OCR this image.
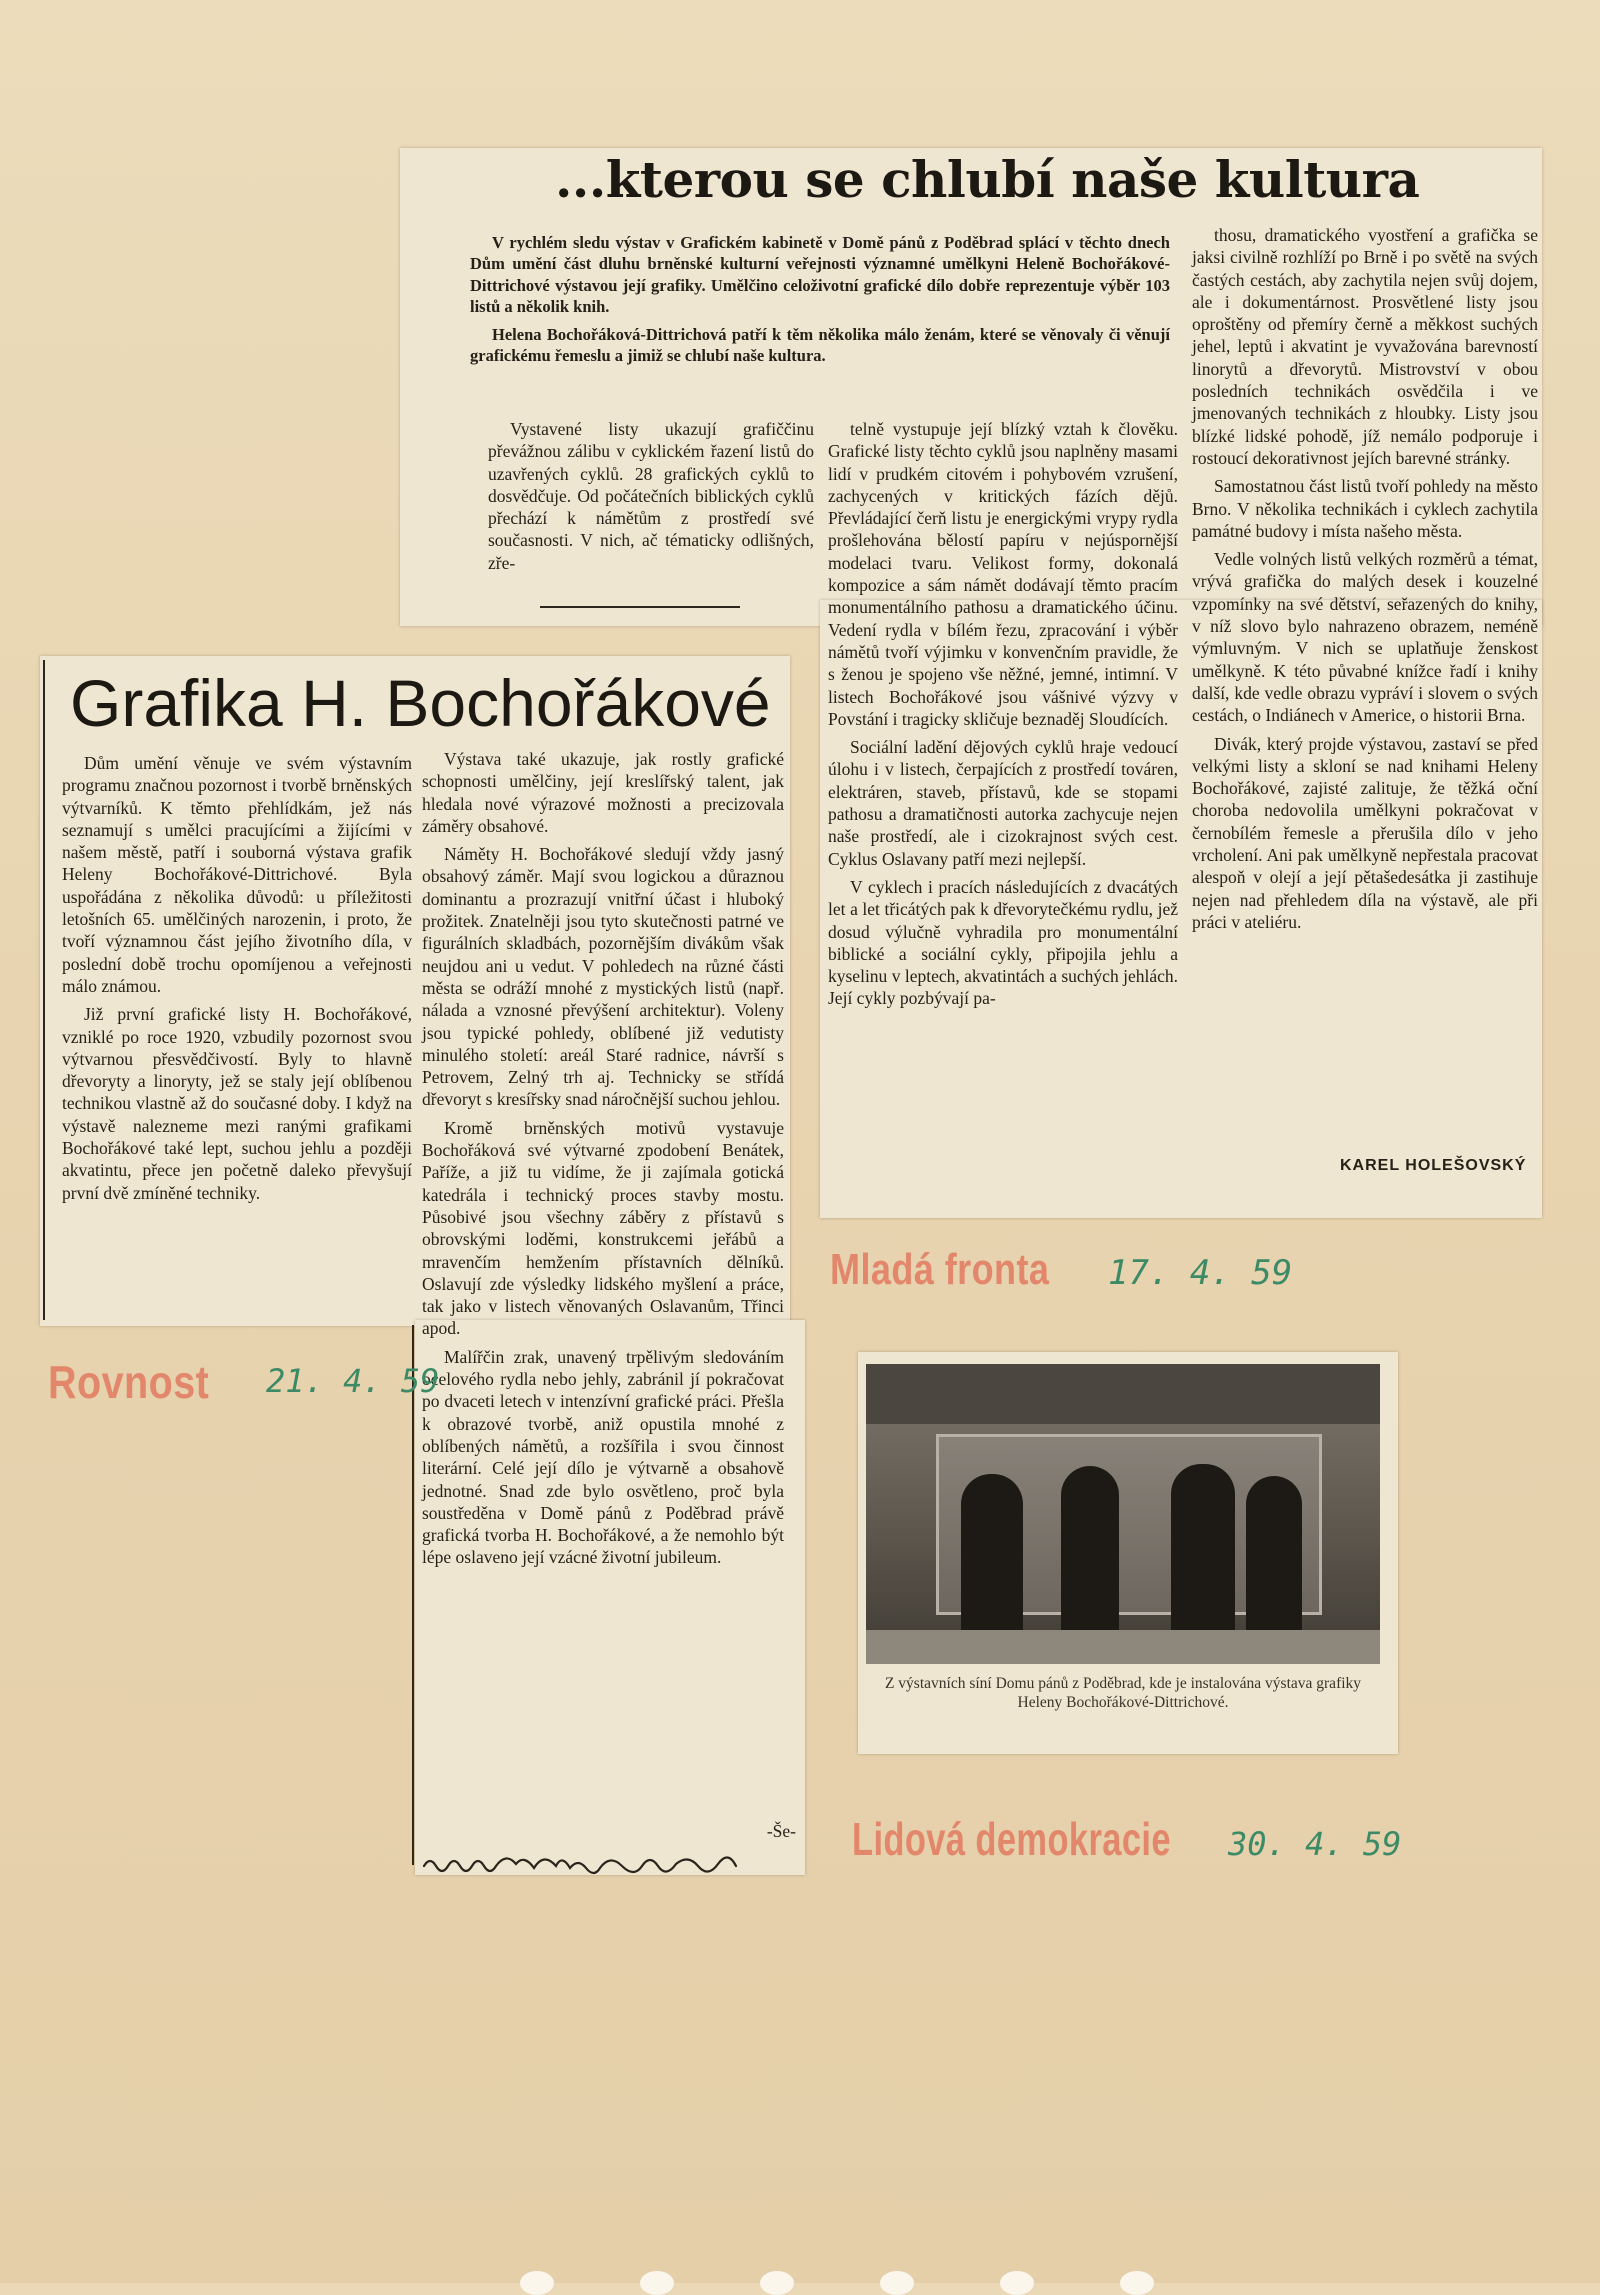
...kterou se chlubí naše kultura

V rychlém sledu výstav v Grafickém kabinetě v Domě pánů z Poděbrad splácí v těchto dnech Dům umění část dluhu brněnské kulturní veřejnosti významné umělkyni Heleně Bochořákové-Dittrichové výstavou její grafiky. Umělčino celoživotní grafické dílo dobře reprezentuje výběr 103 listů a několik knih.

Helena Bochořáková-Dittrichová patří k těm několika málo ženám, které se věnovaly či věnují grafickému řemeslu a jimiž se chlubí naše kultura.

Vystavené listy ukazují grafiččinu převážnou zálibu v cyklickém řazení listů do uzavřených cyklů. 28 grafických cyklů to dosvědčuje. Od počátečních biblických cyklů přechází k námětům z prostředí své současnosti. V nich, ač tématicky odlišných, zře-

telně vystupuje její blízký vztah k člověku. Grafické listy těchto cyklů jsou naplněny masami lidí v prudkém citovém i pohybovém vzrušení, zachycených v kritických fázích dějů. Převládající čerň listu je energickými vrypy rydla prošlehována bělostí papíru v nejúspornější modelaci tvaru. Velikost formy, dokonalá kompozice a sám námět dodávají těmto pracím monumentálního pathosu a dramatického účinu. Vedení rydla v bílém řezu, zpracování i výběr námětů tvoří výjimku v konvenčním pravidle, že s ženou je spojeno vše něžné, jemné, intimní. V listech Bochořákové jsou vášnivé výzvy v Povstání i tragicky skličuje beznaděj Sloudících.

Sociální ladění dějových cyklů hraje vedoucí úlohu i v listech, čerpajících z prostředí továren, elektráren, staveb, přístavů, kde se stopami pathosu a dramatičnosti autorka zachycuje nejen naše prostředí, ale i cizokrajnost svých cest. Cyklus Oslavany patří mezi nejlepší.

V cyklech i pracích následujících z dvacátých let a let třicátých pak k dřevorytečkému rydlu, jež dosud výlučně vyhradila pro monumentální biblické a sociální cykly, připojila jehlu a kyselinu v leptech, akvatintách a suchých jehlách. Její cykly pozbývají pa-

thosu, dramatického vyostření a grafička se jaksi civilně rozhlíží po Brně i po světě na svých častých cestách, aby zachytila nejen svůj dojem, ale i dokumentárnost. Prosvětlené listy jsou oproštěny od přemíry černě a měkkost suchých jehel, leptů i akvatint je vyvažována barevností linorytů a dřevorytů. Mistrovství v obou posledních technikách osvědčila i ve jmenovaných technikách z hloubky. Listy jsou blízké lidské pohodě, jíž nemálo podporuje i rostoucí dekorativnost jejích barevné stránky.

Samostatnou část listů tvoří pohledy na město Brno. V několika technikách i cyklech zachytila památné budovy i místa našeho města.

Vedle volných listů velkých rozměrů a témat, vrývá grafička do malých desek i kouzelné vzpomínky na své dětství, seřazených do knihy, v níž slovo bylo nahrazeno obrazem, neméně výmluvným. V nich se uplatňuje ženskost umělkyně. K této půvabné knížce řadí i knihy další, kde vedle obrazu vypráví i slovem o svých cestách, o Indiánech v Americe, o historii Brna.

Divák, který projde výstavou, zastaví se před velkými listy a skloní se nad knihami Heleny Bochořákové, zajisté zalituje, že těžká oční choroba nedovolila umělkyni pokračovat v černobílém řemesle a přerušila dílo v jeho vrcholení. Ani pak umělkyně nepřestala pracovat alespoň v olejí a její pětašedesátka ji zastihuje nejen nad přehledem díla na výstavě, ale při práci v ateliéru.

KAREL HOLEŠOVSKÝ
Mladá fronta 17. 4. 59
Grafika H. Bochořákové

Dům umění věnuje ve svém výstavním programu značnou pozornost i tvorbě brněnských výtvarníků. K těmto přehlídkám, jež nás seznamují s umělci pracujícími a žijícími v našem městě, patří i souborná výstava grafik Heleny Bochořákové-Dittrichové. Byla uspořádána z několika důvodů: u příležitosti letošních 65. umělčiných narozenin, i proto, že tvoří významnou část jejího životního díla, v poslední době trochu opomíjenou a veřejnosti málo známou.

Již první grafické listy H. Bochořákové, vzniklé po roce 1920, vzbudily pozornost svou výtvarnou přesvědčivostí. Byly to hlavně dřevoryty a linoryty, jež se staly její oblíbenou technikou vlastně až do současné doby. I když na výstavě nalezneme mezi ranými grafikami Bochořákové také lept, suchou jehlu a později akvatintu, přece jen početně daleko převyšují první dvě zmíněné techniky.

Výstava také ukazuje, jak rostly grafické schopnosti umělčiny, její kreslířský talent, jak hledala nové výrazové možnosti a precizovala záměry obsahové.

Náměty H. Bochořákové sledují vždy jasný obsahový záměr. Mají svou logickou a důraznou dominantu a prozrazují vnitřní účast i hluboký prožitek. Znatelněji jsou tyto skutečnosti patrné ve figurálních skladbách, pozornějším divákům však neujdou ani u vedut. V pohledech na různé části města se odráží mnohé z mystických listů (např. nálada a vznosné převýšení architektur). Voleny jsou typické pohledy, oblíbené již vedutisty minulého století: areál Staré radnice, návrší s Petrovem, Zelný trh aj. Technicky se střídá dřevoryt s kresířsky snad náročnější suchou jehlou.

Kromě brněnských motivů vystavuje Bochořáková své výtvarné zpodobení Benátek, Paříže, a již tu vidíme, že ji zajímala gotická katedrála i technický proces stavby mostu. Působivé jsou všechny záběry z přístavů s obrovskými loděmi, konstrukcemi jeřábů a mravenčím hemžením přístavních dělníků. Oslavují zde výsledky lidského myšlení a práce, tak jako v listech věnovaných Oslavanům, Třinci apod.

Malířčin zrak, unavený trpělivým sledováním ocelového rydla nebo jehly, zabránil jí pokračovat po dvaceti letech v intenzívní grafické práci. Přešla k obrazové tvorbě, aniž opustila mnohé z oblíbených námětů, a rozšířila i svou činnost literární. Celé její dílo je výtvarně a obsahově jednotné. Snad zde bylo osvětleno, proč byla soustředěna v Domě pánů z Poděbrad právě grafická tvorba H. Bochořákové, a že nemohlo být lépe oslaveno její vzácné životní jubileum.

-Še-
Rovnost 21. 4. 59
Z výstavních síní Domu pánů z Poděbrad, kde je instalována výstava grafiky Heleny Bochořákové-Dittrichové.
Lidová demokracie 30. 4. 59
